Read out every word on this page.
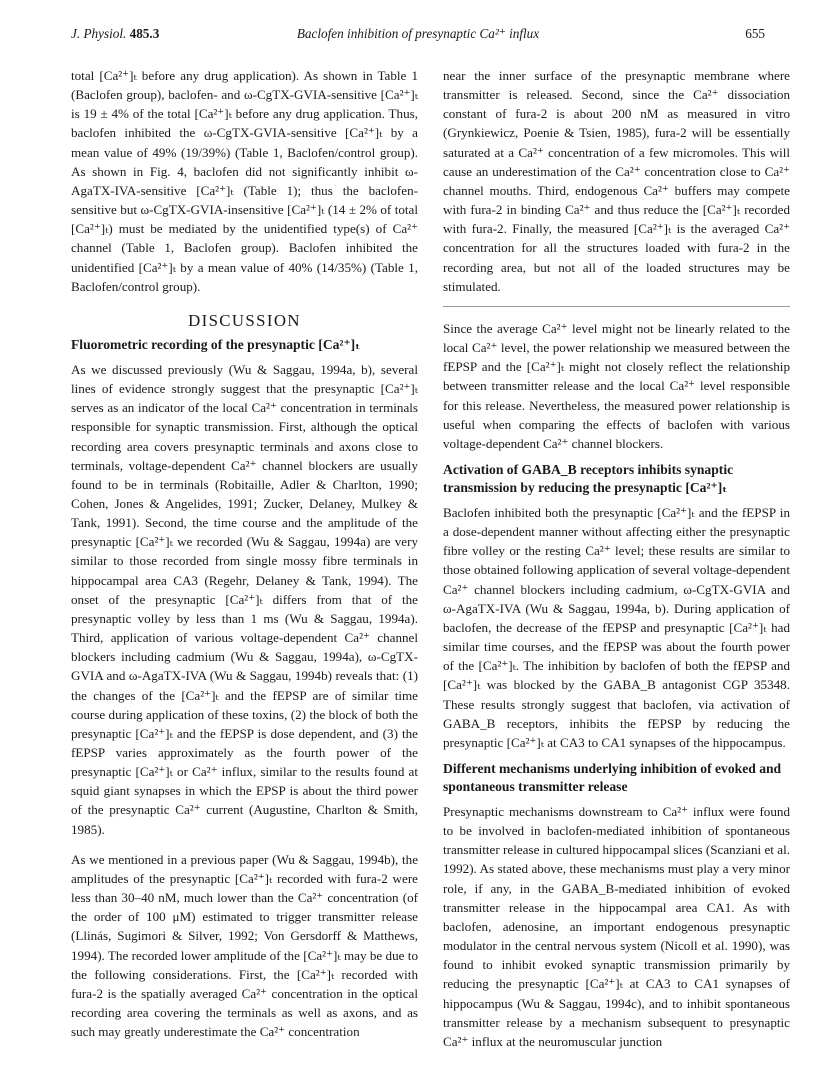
J. Physiol. 485.3	Baclofen inhibition of presynaptic Ca²⁺ influx	655

total [Ca²⁺]ₜ before any drug application). As shown in Table 1 (Baclofen group), baclofen- and ω-CgTX-GVIA-sensitive [Ca²⁺]ₜ is 19 ± 4% of the total [Ca²⁺]ₜ before any drug application. Thus, baclofen inhibited the ω-CgTX-GVIA-sensitive [Ca²⁺]ₜ by a mean value of 49% (19/39%) (Table 1, Baclofen/control group). As shown in Fig. 4, baclofen did not significantly inhibit ω-AgaTX-IVA-sensitive [Ca²⁺]ₜ (Table 1); thus the baclofen-sensitive but ω-CgTX-GVIA-insensitive [Ca²⁺]ₜ (14 ± 2% of total [Ca²⁺]ₜ) must be mediated by the unidentified type(s) of Ca²⁺ channel (Table 1, Baclofen group). Baclofen inhibited the unidentified [Ca²⁺]ₜ by a mean value of 40% (14/35%) (Table 1, Baclofen/control group).

DISCUSSION
Fluorometric recording of the presynaptic [Ca²⁺]ₜ

As we discussed previously (Wu & Saggau, 1994a, b), several lines of evidence strongly suggest that the presynaptic [Ca²⁺]ₜ serves as an indicator of the local Ca²⁺ concentration in terminals responsible for synaptic transmission. First, although the optical recording area covers presynaptic terminals and axons close to terminals, voltage-dependent Ca²⁺ channel blockers are usually found to be in terminals (Robitaille, Adler & Charlton, 1990; Cohen, Jones & Angelides, 1991; Zucker, Delaney, Mulkey & Tank, 1991). Second, the time course and the amplitude of the presynaptic [Ca²⁺]ₜ we recorded (Wu & Saggau, 1994a) are very similar to those recorded from single mossy fibre terminals in hippocampal area CA3 (Regehr, Delaney & Tank, 1994). The onset of the presynaptic [Ca²⁺]ₜ differs from that of the presynaptic volley by less than 1 ms (Wu & Saggau, 1994a). Third, application of various voltage-dependent Ca²⁺ channel blockers including cadmium (Wu & Saggau, 1994a), ω-CgTX-GVIA and ω-AgaTX-IVA (Wu & Saggau, 1994b) reveals that: (1) the changes of the [Ca²⁺]ₜ and the fEPSP are of similar time course during application of these toxins, (2) the block of both the presynaptic [Ca²⁺]ₜ and the fEPSP is dose dependent, and (3) the fEPSP varies approximately as the fourth power of the presynaptic [Ca²⁺]ₜ or Ca²⁺ influx, similar to the results found at squid giant synapses in which the EPSP is about the third power of the presynaptic Ca²⁺ current (Augustine, Charlton & Smith, 1985).

As we mentioned in a previous paper (Wu & Saggau, 1994b), the amplitudes of the presynaptic [Ca²⁺]ₜ recorded with fura-2 were less than 30–40 nM, much lower than the Ca²⁺ concentration (of the order of 100 μM) estimated to trigger transmitter release (Llinás, Sugimori & Silver, 1992; Von Gersdorff & Matthews, 1994). The recorded lower amplitude of the [Ca²⁺]ₜ may be due to the following considerations. First, the [Ca²⁺]ₜ recorded with fura-2 is the spatially averaged Ca²⁺ concentration in the optical recording area covering the terminals as well as axons, and as such may greatly underestimate the Ca²⁺ concentration

near the inner surface of the presynaptic membrane where transmitter is released. Second, since the Ca²⁺ dissociation constant of fura-2 is about 200 nM as measured in vitro (Grynkiewicz, Poenie & Tsien, 1985), fura-2 will be essentially saturated at a Ca²⁺ concentration of a few micromoles. This will cause an underestimation of the Ca²⁺ concentration close to Ca²⁺ channel mouths. Third, endogenous Ca²⁺ buffers may compete with fura-2 in binding Ca²⁺ and thus reduce the [Ca²⁺]ₜ recorded with fura-2. Finally, the measured [Ca²⁺]ₜ is the averaged Ca²⁺ concentration for all the structures loaded with fura-2 in the recording area, but not all of the loaded structures may be stimulated.

Since the average Ca²⁺ level might not be linearly related to the local Ca²⁺ level, the power relationship we measured between the fEPSP and the [Ca²⁺]ₜ might not closely reflect the relationship between transmitter release and the local Ca²⁺ level responsible for this release. Nevertheless, the measured power relationship is useful when comparing the effects of baclofen with various voltage-dependent Ca²⁺ channel blockers.

Activation of GABA_B receptors inhibits synaptic transmission by reducing the presynaptic [Ca²⁺]ₜ

Baclofen inhibited both the presynaptic [Ca²⁺]ₜ and the fEPSP in a dose-dependent manner without affecting either the presynaptic fibre volley or the resting Ca²⁺ level; these results are similar to those obtained following application of several voltage-dependent Ca²⁺ channel blockers including cadmium, ω-CgTX-GVIA and ω-AgaTX-IVA (Wu & Saggau, 1994a, b). During application of baclofen, the decrease of the fEPSP and presynaptic [Ca²⁺]ₜ had similar time courses, and the fEPSP was about the fourth power of the [Ca²⁺]ₜ. The inhibition by baclofen of both the fEPSP and [Ca²⁺]ₜ was blocked by the GABA_B antagonist CGP 35348. These results strongly suggest that baclofen, via activation of GABA_B receptors, inhibits the fEPSP by reducing the presynaptic [Ca²⁺]ₜ at CA3 to CA1 synapses of the hippocampus.

Different mechanisms underlying inhibition of evoked and spontaneous transmitter release

Presynaptic mechanisms downstream to Ca²⁺ influx were found to be involved in baclofen-mediated inhibition of spontaneous transmitter release in cultured hippocampal slices (Scanziani et al. 1992). As stated above, these mechanisms must play a very minor role, if any, in the GABA_B-mediated inhibition of evoked transmitter release in the hippocampal area CA1. As with baclofen, adenosine, an important endogenous presynaptic modulator in the central nervous system (Nicoll et al. 1990), was found to inhibit evoked synaptic transmission primarily by reducing the presynaptic [Ca²⁺]ₜ at CA3 to CA1 synapses of hippocampus (Wu & Saggau, 1994c), and to inhibit spontaneous transmitter release by a mechanism subsequent to presynaptic Ca²⁺ influx at the neuromuscular junction
